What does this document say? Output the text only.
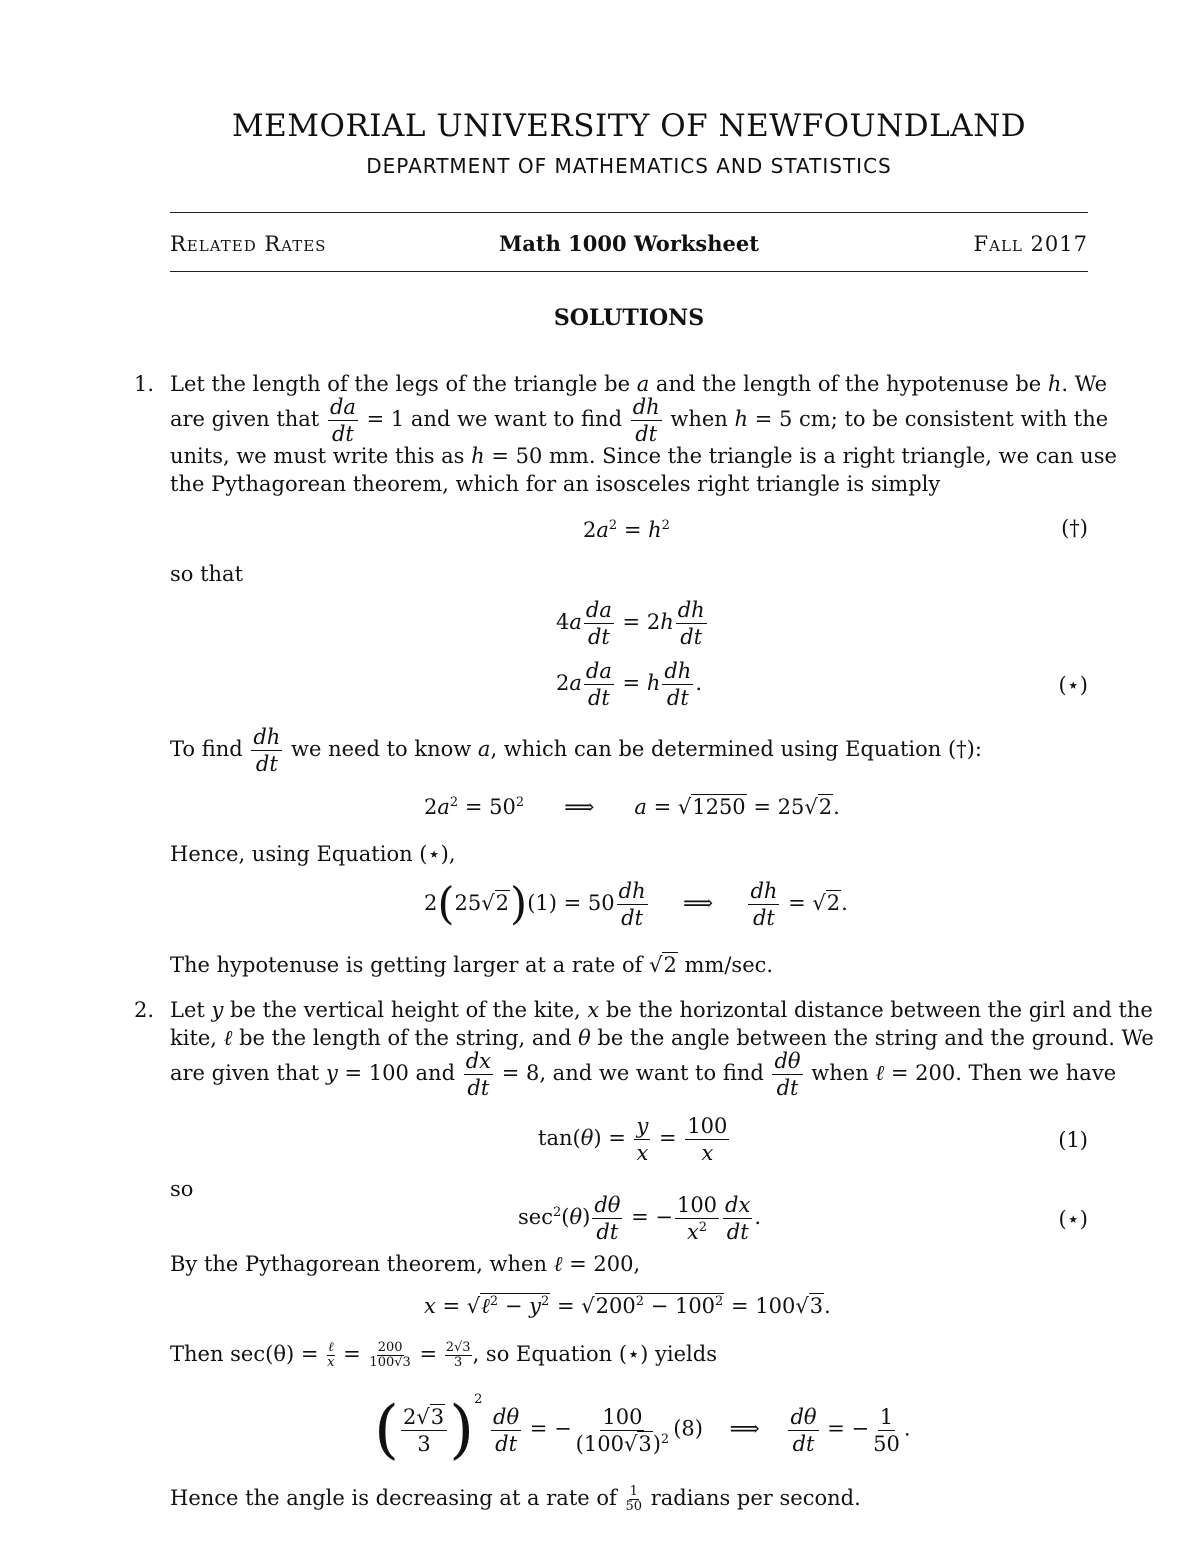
MEMORIAL UNIVERSITY OF NEWFOUNDLAND
DEPARTMENT OF MATHEMATICS AND STATISTICS
Related Rates	Math 1000 Worksheet	Fall 2017
SOLUTIONS
1. Let the length of the legs of the triangle be a and the length of the hypotenuse be h. We
are given that $\frac{da}{dt} = 1$ and we want to find $\frac{dh}{dt}$ when h = 5 cm; to be consistent with the
units, we must write this as h = 50 mm. Since the triangle is a right triangle, we can use
the Pythagorean theorem, which for an isosceles right triangle is simply
$2a^2 = h^2$	(†)
so that
$4a \frac{da}{dt} = 2h \frac{dh}{dt}$
$2a \frac{da}{dt} = h \frac{dh}{dt}$ .	(⋆)
To find $\frac{dh}{dt}$ we need to know a, which can be determined using Equation (†):
$2a^2 = 50^2$      ⟹      a = √1250 = 25√2.
Hence, using Equation (⋆),
$2(25√2)(1) = 50 \frac{dh}{dt}$ ⟹ $\frac{dh}{dt} = √2$.
The hypotenuse is getting larger at a rate of √2 mm/sec.
2. Let y be the vertical height of the kite, x be the horizontal distance between the girl and the
kite, ℓ be the length of the string, and θ be the angle between the string and the ground. We
are given that y = 100 and $\frac{dx}{dt} = 8$, and we want to find $\frac{d\theta}{dt}$ when ℓ = 200. Then we have
$\tan(\theta) = \frac{y}{x} = \frac{100}{x}$	(1)
so
$\sec^2(\theta) \frac{d\theta}{dt}$ = − $\frac{100}{x^2} \frac{dx}{dt}$ .	(⋆)
By the Pythagorean theorem, when ℓ = 200,
x = √ℓ$^2$ − $y^2 = √200^2 - 100^2 = 100√3$.
Then sec(θ) = ℓ
$x = \frac{200}{100√3} = \frac{2√3}{3}$ , so Equation (⋆) yields
( $\frac{2√3}{3} )^2$
$\frac{d\theta}{dt}$ = − $\frac{100}{(100√3)^2} (8)$    ⟹ $\frac{d\theta}{dt}$ = − $\frac{1}{50}$ .
Hence the angle is decreasing at a rate of $\frac{1}{50}$ radians per second.
